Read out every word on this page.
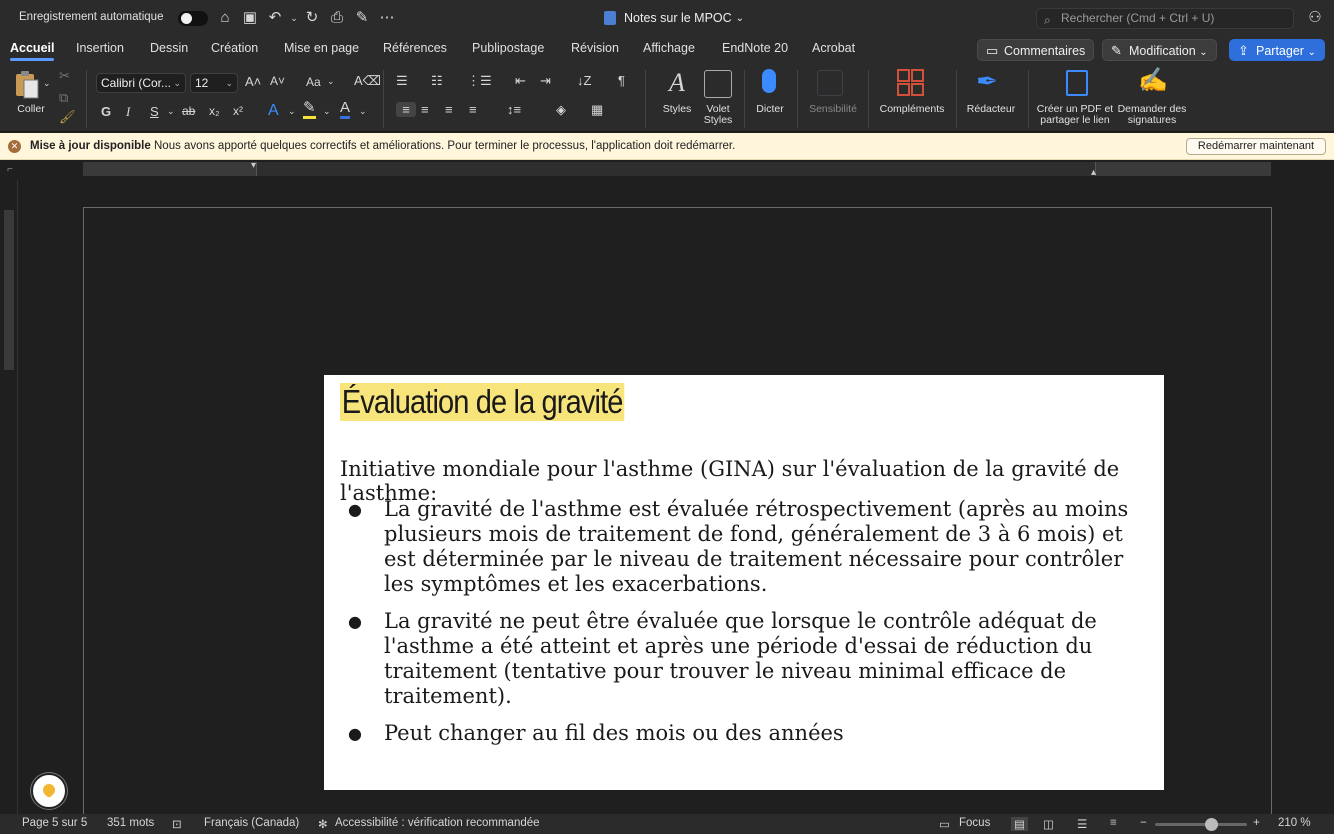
Enregistrement automatique	⌂ ▣ ↶ ⌄ ↻ ⎙ ✎ ⋯	Notes sur le MPOC ⌄	⌕ Rechercher (Cmd + Ctrl + U)	⚇
Accueil Insertion Dessin Création Mise en page Références Publipostage Révision Affichage EndNote 20 Acrobat	▭ Commentaires	✎ Modification ⌄	⇪ Partager ⌄
⌄
Coller
✂
⧉
🖌
Calibri (Cor... ⌄	12 ⌄ A˄ A˅ Aa ⌄ A⌫
G I S ⌄ ab x₂ x² A ⌄ ✎ ⌄ A ⌄
☰ ☷ ⋮☰ ⇤ ⇥ ↓Z ¶
≡ ≡ ≡ ≡ ↕≡	◈ ▦
A
Styles	Volet
Styles
Dicter	Sensibilité	Compléments
✒
Rédacteur	Créer un PDF et
partager le lien
✍
Demander des
signatures
✕ Mise à jour disponible Nous avons apporté quelques correctifs et améliorations. Pour terminer le processus, l'application doit redémarrer.	Redémarrer maintenant
⌐	▾
▴
Évaluation de la gravité
Initiative mondiale pour l'asthme (GINA) sur l'évaluation de la gravité de l'asthme:
● La gravité de l'asthme est évaluée rétrospectivement (après au moins plusieurs mois de traitement de fond, généralement de 3 à 6 mois) et est déterminée par le niveau de traitement nécessaire pour contrôler les symptômes et les exacerbations.
● La gravité ne peut être évaluée que lorsque le contrôle adéquat de l'asthme a été atteint et après une période d'essai de réduction du traitement (tentative pour trouver le niveau minimal efficace de traitement).
● Peut changer au fil des mois ou des années
Page 5 sur 5 351 mots ⊡ Français (Canada) ✻ Accessibilité : vérification recommandée	▭ Focus ▤ ◫ ☰ ≡ −	+ 210 %
